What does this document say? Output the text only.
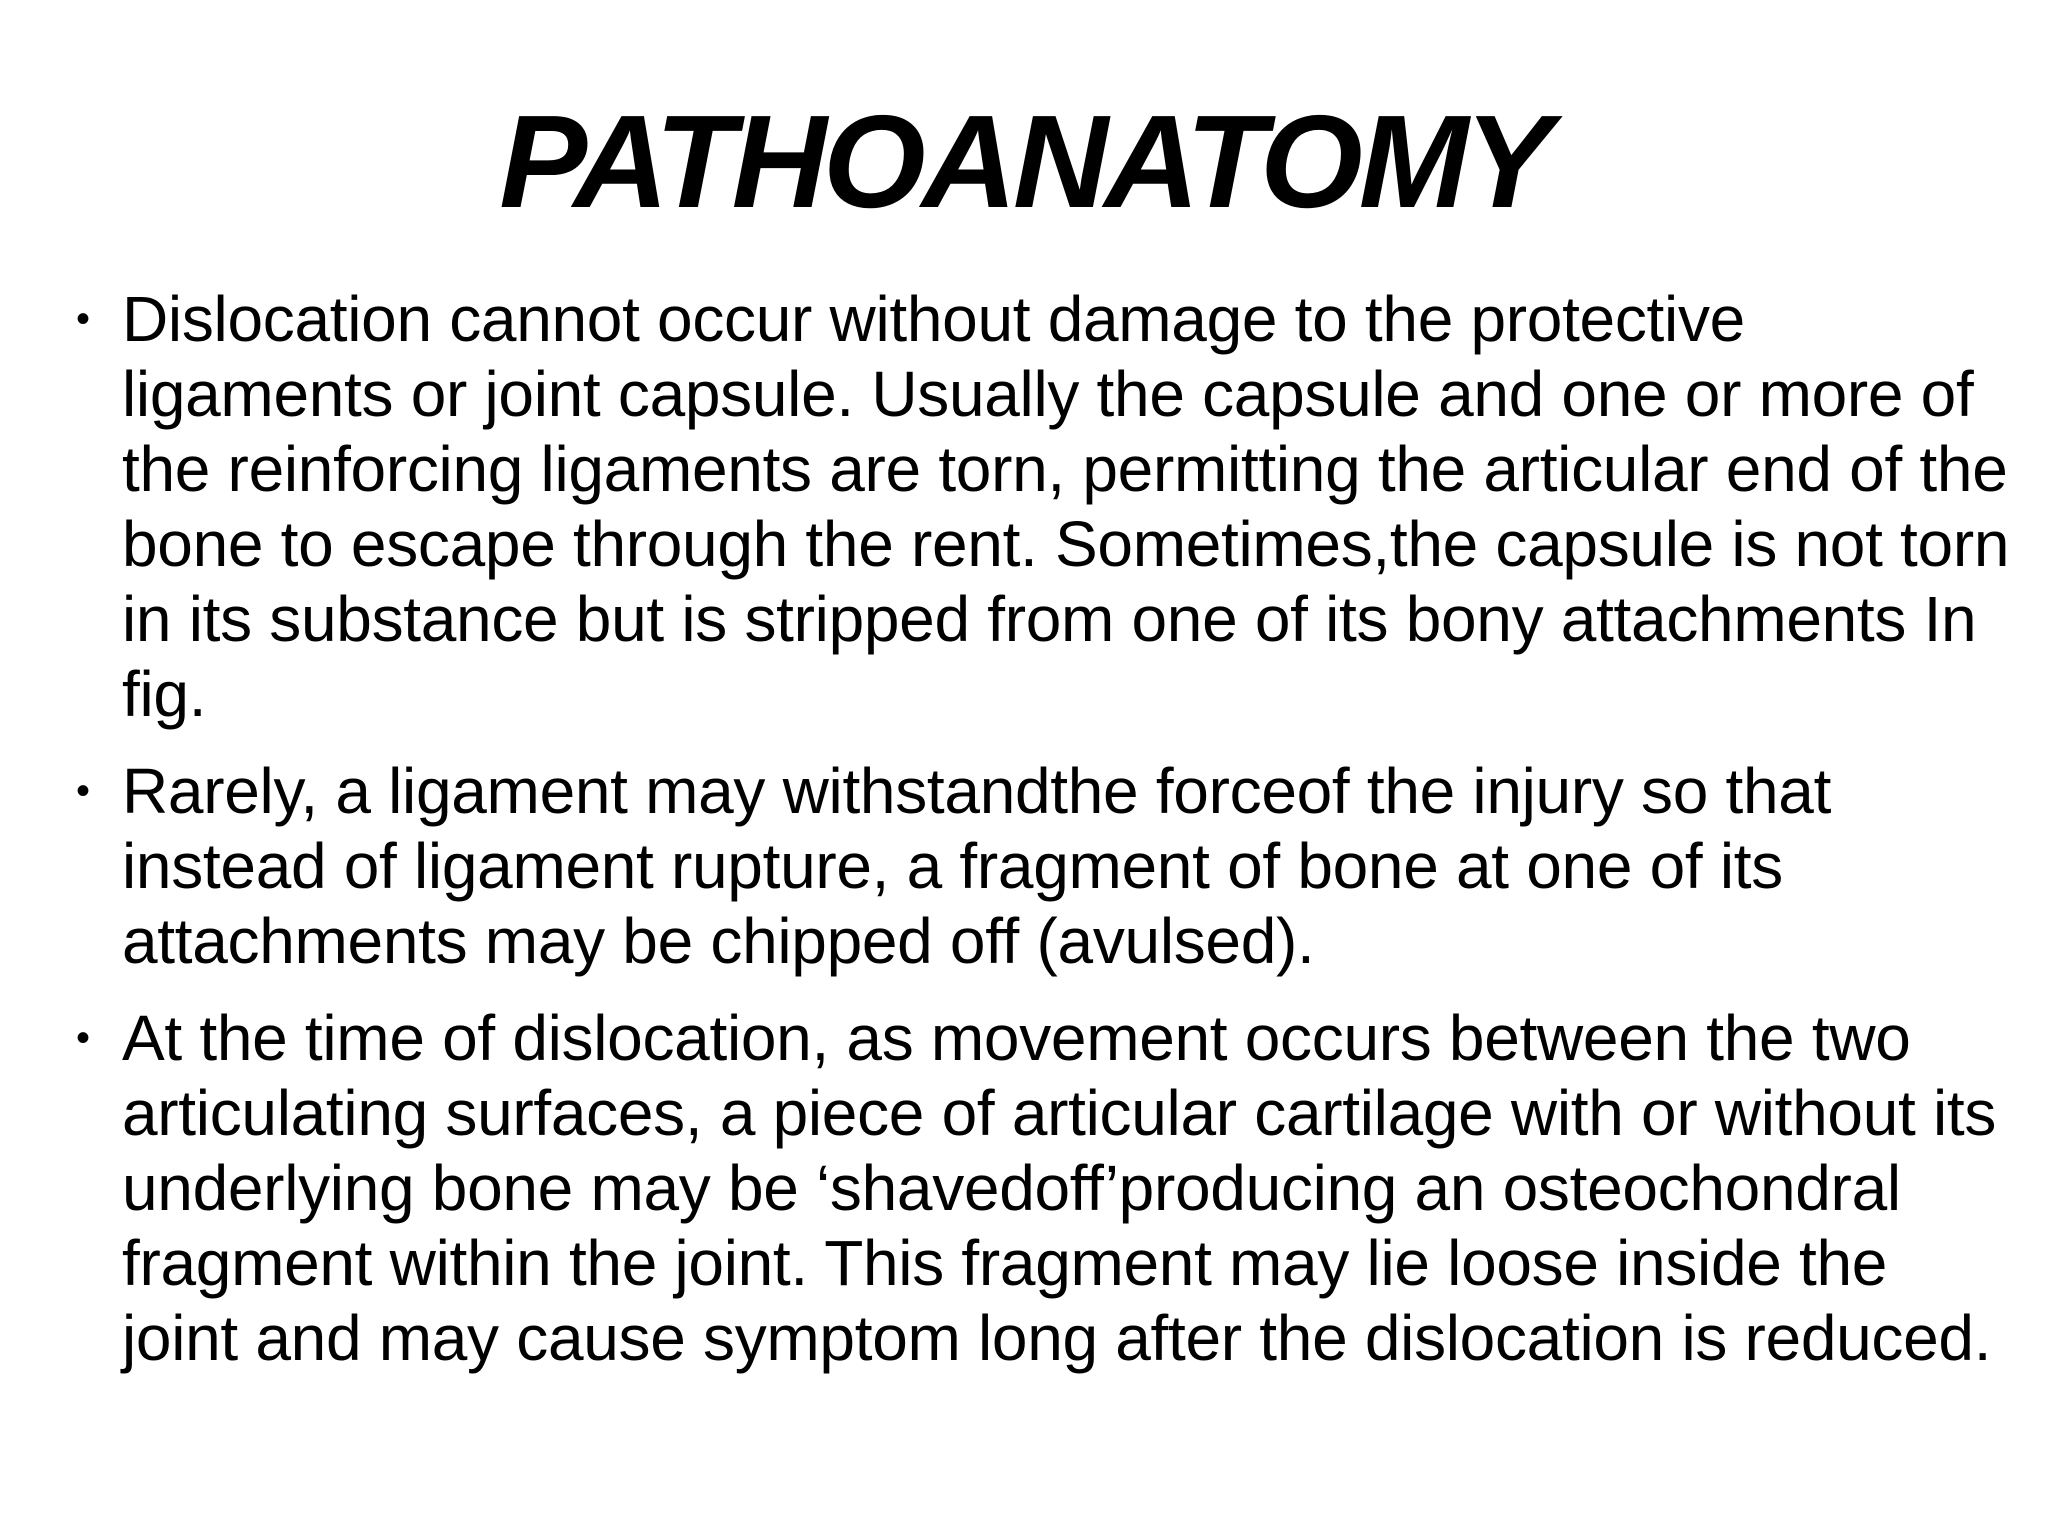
PATHOANATOMY
• Dislocation cannot occur without damage to the protective ligaments or joint capsule. Usually the capsule and one or more of the reinforcing ligaments are torn, permitting the articular end of the bone to escape through the rent. Sometimes,the capsule is not torn in its substance but is stripped from one of its bony attachments In fig.
• Rarely, a ligament may withstandthe forceof the injury so that instead of ligament rupture, a fragment of bone at one of its attachments may be chipped off (avulsed).
• At the time of dislocation, as movement occurs between the two articulating surfaces, a piece of articular cartilage with or without its underlying bone may be ‘shavedoff’producing an osteochondral fragment within the joint. This fragment may lie loose inside the joint and may cause symptom long after the dislocation is reduced.
